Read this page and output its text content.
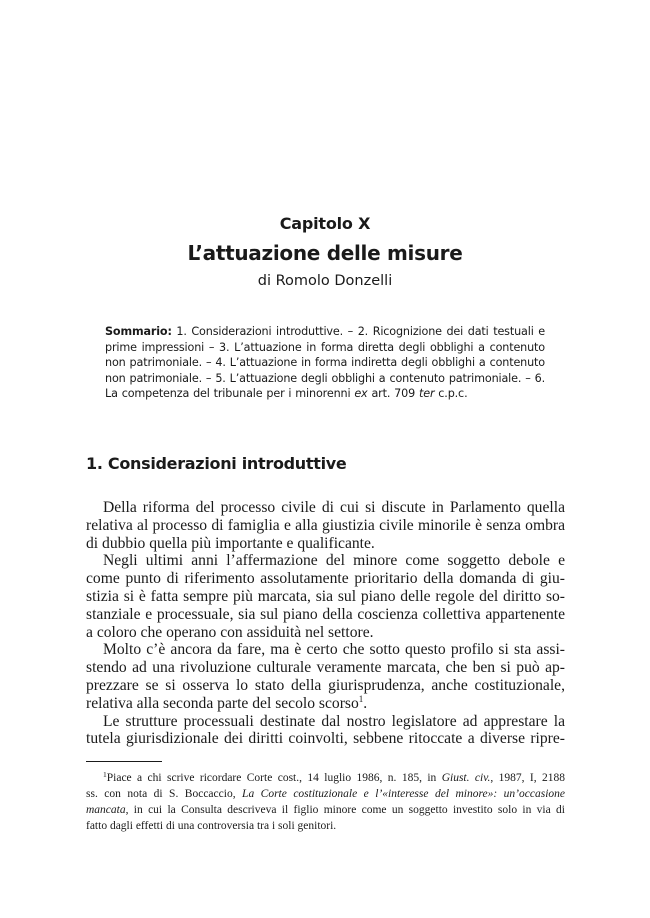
Capitolo X
L’attuazione delle misure
di Romolo Donzelli
Sommario: 1. Considerazioni introduttive. – 2. Ricognizione dei dati testuali e
prime impressioni – 3. L’attuazione in forma diretta degli obblighi a contenuto
non patrimoniale. – 4. L’attuazione in forma indiretta degli obblighi a contenuto
non patrimoniale. – 5. L’attuazione degli obblighi a contenuto patrimoniale. – 6.
La competenza del tribunale per i minorenni ex art. 709 ter c.p.c.
1. Considerazioni introduttive
Della riforma del processo civile di cui si discute in Parlamento quella
relativa al processo di famiglia e alla giustizia civile minorile è senza ombra
di dubbio quella più importante e qualificante.
Negli ultimi anni l’affermazione del minore come soggetto debole e
come punto di riferimento assolutamente prioritario della domanda di giu-
stizia si è fatta sempre più marcata, sia sul piano delle regole del diritto so-
stanziale e processuale, sia sul piano della coscienza collettiva appartenente
a coloro che operano con assiduità nel settore.
Molto c’è ancora da fare, ma è certo che sotto questo profilo si sta assi-
stendo ad una rivoluzione culturale veramente marcata, che ben si può ap-
prezzare se si osserva lo stato della giurisprudenza, anche costituzionale,
relativa alla seconda parte del secolo scorso$^1$.
Le strutture processuali destinate dal nostro legislatore ad apprestare la
tutela giurisdizionale dei diritti coinvolti, sebbene ritoccate a diverse ripre-
$^1$Piace a chi scrive ricordare Corte cost., 14 luglio 1986, n. 185, in Giust. civ., 1987, I, 2188
ss. con nota di S. Boccaccio, La Corte costituzionale e l’«interesse del minore»: un’occasione
mancata, in cui la Consulta descriveva il figlio minore come un soggetto investito solo in via di
fatto dagli effetti di una controversia tra i soli genitori.
